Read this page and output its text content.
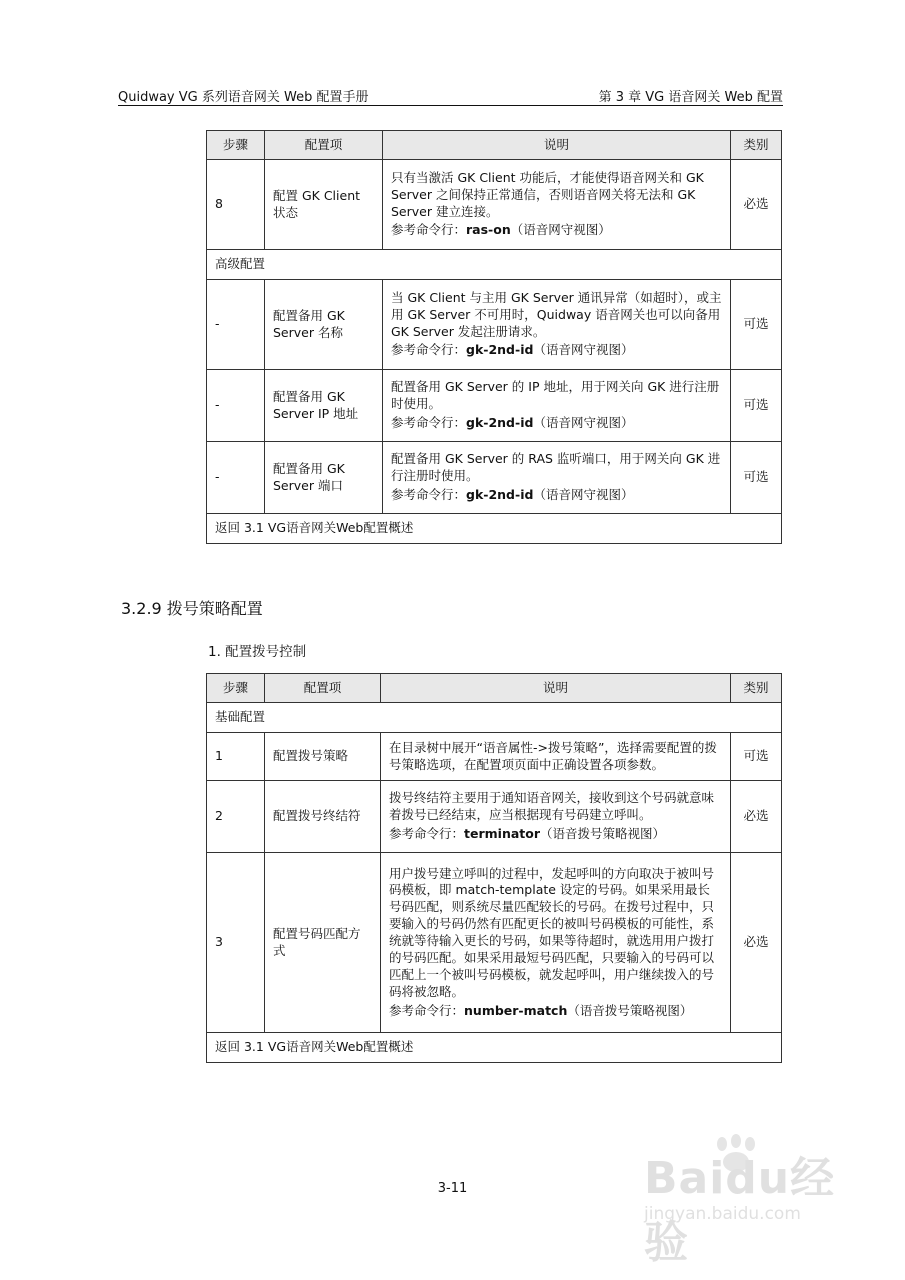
Quidway VG 系列语音网关 Web 配置手册	第 3 章 VG 语音网关 Web 配置
步骤	配置项	说明	类别
8	配置 GK Client 状态	只有当激活 GK Client 功能后，才能使得语音网关和 GK Server 之间保持正常通信，否则语音网关将无法和 GK Server 建立连接。

参考命令行：ras-on（语音网守视图）	必选
高级配置			
-	配置备用 GK Server 名称	当 GK Client 与主用 GK Server 通讯异常（如超时），或主用 GK Server 不可用时，Quidway 语音网关也可以向备用 GK Server 发起注册请求。

参考命令行：gk-2nd-id（语音网守视图）	可选
-	配置备用 GK Server IP 地址	配置备用 GK Server 的 IP 地址，用于网关向 GK 进行注册时使用。

参考命令行：gk-2nd-id（语音网守视图）	可选
-	配置备用 GK Server 端口	配置备用 GK Server 的 RAS 监听端口，用于网关向 GK 进行注册时使用。

参考命令行：gk-2nd-id（语音网守视图）	可选
返回 3.1 VG语音网关Web配置概述			
3.2.9 拨号策略配置
1. 配置拨号控制
步骤	配置项	说明	类别
基础配置			
1	配置拨号策略	在目录树中展开“语音属性->拨号策略”，选择需要配置的拨号策略选项，在配置项页面中正确设置各项参数。	可选
2	配置拨号终结符	拨号终结符主要用于通知语音网关，接收到这个号码就意味着拨号已经结束，应当根据现有号码建立呼叫。

参考命令行：terminator（语音拨号策略视图）	必选
3	配置号码匹配方式	用户拨号建立呼叫的过程中，发起呼叫的方向取决于被叫号码模板，即 match-template 设定的号码。如果采用最长号码匹配，则系统尽量匹配较长的号码。在拨号过程中，只要输入的号码仍然有匹配更长的被叫号码模板的可能性，系统就等待输入更长的号码，如果等待超时，就选用用户拨打的号码匹配。如果采用最短号码匹配，只要输入的号码可以匹配上一个被叫号码模板，就发起呼叫，用户继续拨入的号码将被忽略。

参考命令行：number-match（语音拨号策略视图）	必选
返回 3.1 VG语音网关Web配置概述			
3-11	Baidu经验
jingyan.baidu.com
